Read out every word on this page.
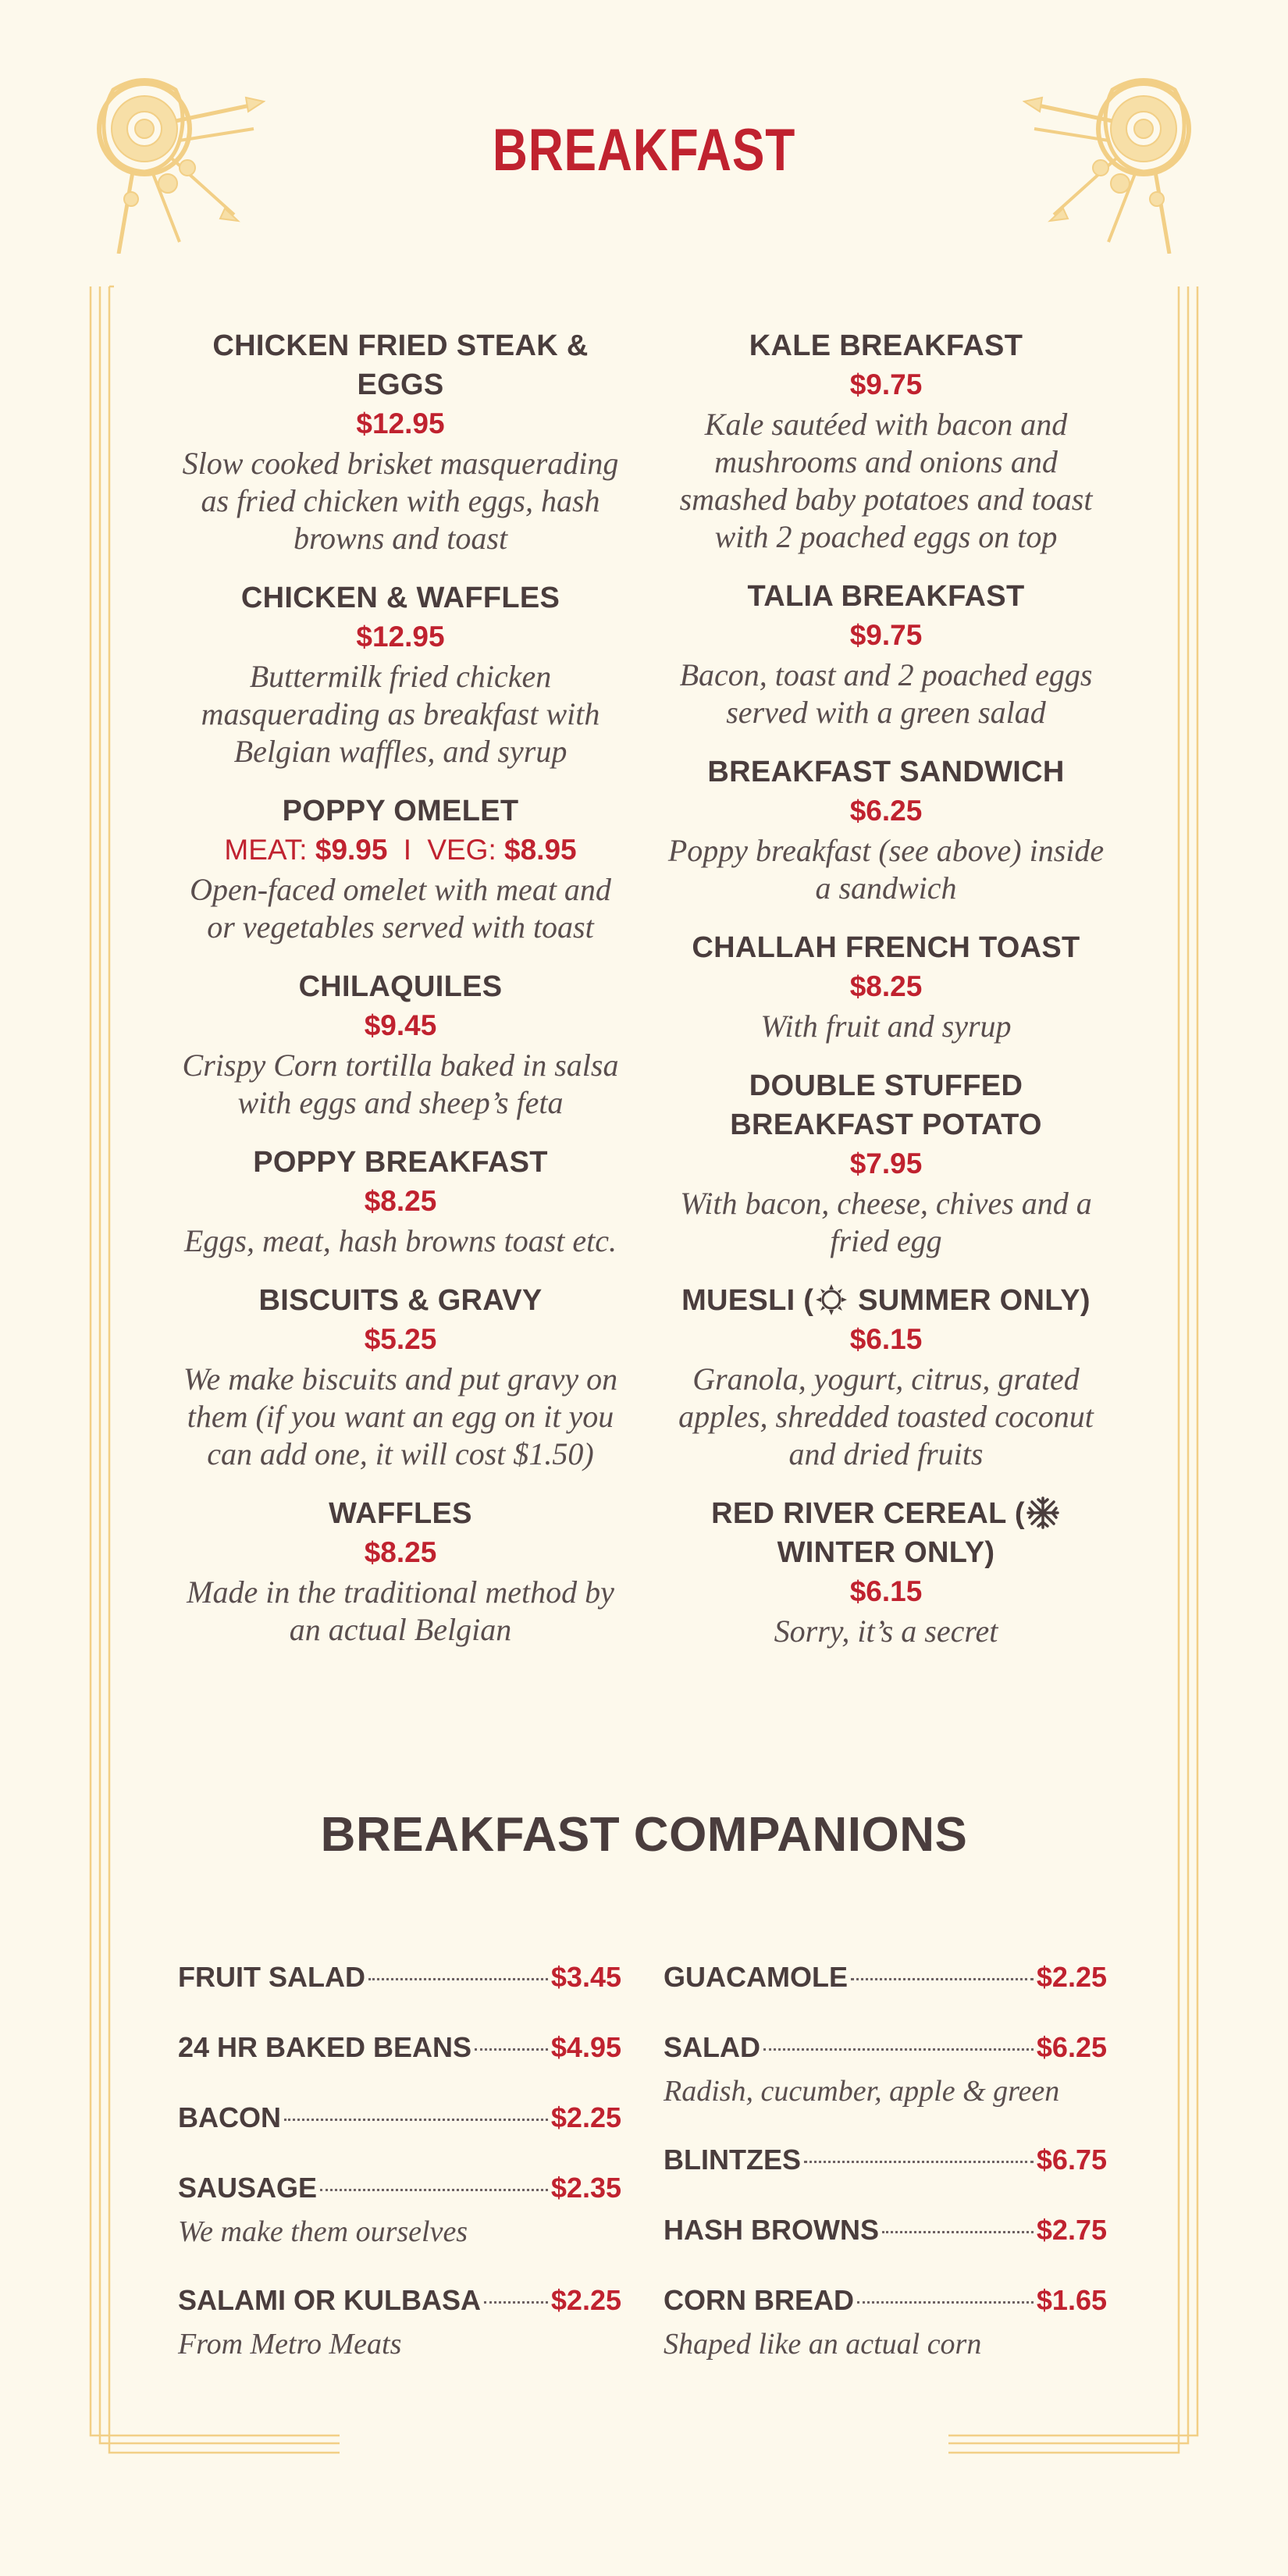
BREAKFAST
CHICKEN FRIED STEAK & EGGS
$12.95
Slow cooked brisket masquerading as fried chicken with eggs, hash browns and toast
CHICKEN & WAFFLES
$12.95
Buttermilk fried chicken masquerading as breakfast with Belgian waffles, and syrup
POPPY OMELET
MEAT: $9.95 I VEG: $8.95
Open-faced omelet with meat and or vegetables served with toast
CHILAQUILES
$9.45
Crispy Corn tortilla baked in salsa with eggs and sheep’s feta
POPPY BREAKFAST
$8.25
Eggs, meat, hash browns toast etc.
BISCUITS & GRAVY
$5.25
We make biscuits and put gravy on them (if you want an egg on it you can add one, it will cost $1.50)
WAFFLES
$8.25
Made in the traditional method by an actual Belgian
KALE BREAKFAST
$9.75
Kale sautéed with bacon and mushrooms and onions and smashed baby potatoes and toast with 2 poached eggs on top
TALIA BREAKFAST
$9.75
Bacon, toast and 2 poached eggs served with a green salad
BREAKFAST SANDWICH
$6.25
Poppy breakfast (see above) inside a sandwich
CHALLAH FRENCH TOAST
$8.25
With fruit and syrup
DOUBLE STUFFED BREAKFAST POTATO
$7.95
With bacon, cheese, chives and a fried egg
MUESLI ( SUMMER ONLY)
$6.15
Granola, yogurt, citrus, grated apples, shredded toasted coconut and dried fruits
RED RIVER CEREAL ( WINTER ONLY)
$6.15
Sorry, it’s a secret
BREAKFAST COMPANIONS
FRUIT SALAD	$3.45
24 HR BAKED BEANS	$4.95
BACON	$2.25
SAUSAGE	$2.35
We make them ourselves
SALAMI OR KULBASA $2.25
From Metro Meats
GUACAMOLE	$2.25
SALAD	$6.25
Radish, cucumber, apple & green
BLINTZES	$6.75
HASH BROWNS	$2.75
CORN BREAD	$1.65
Shaped like an actual corn
